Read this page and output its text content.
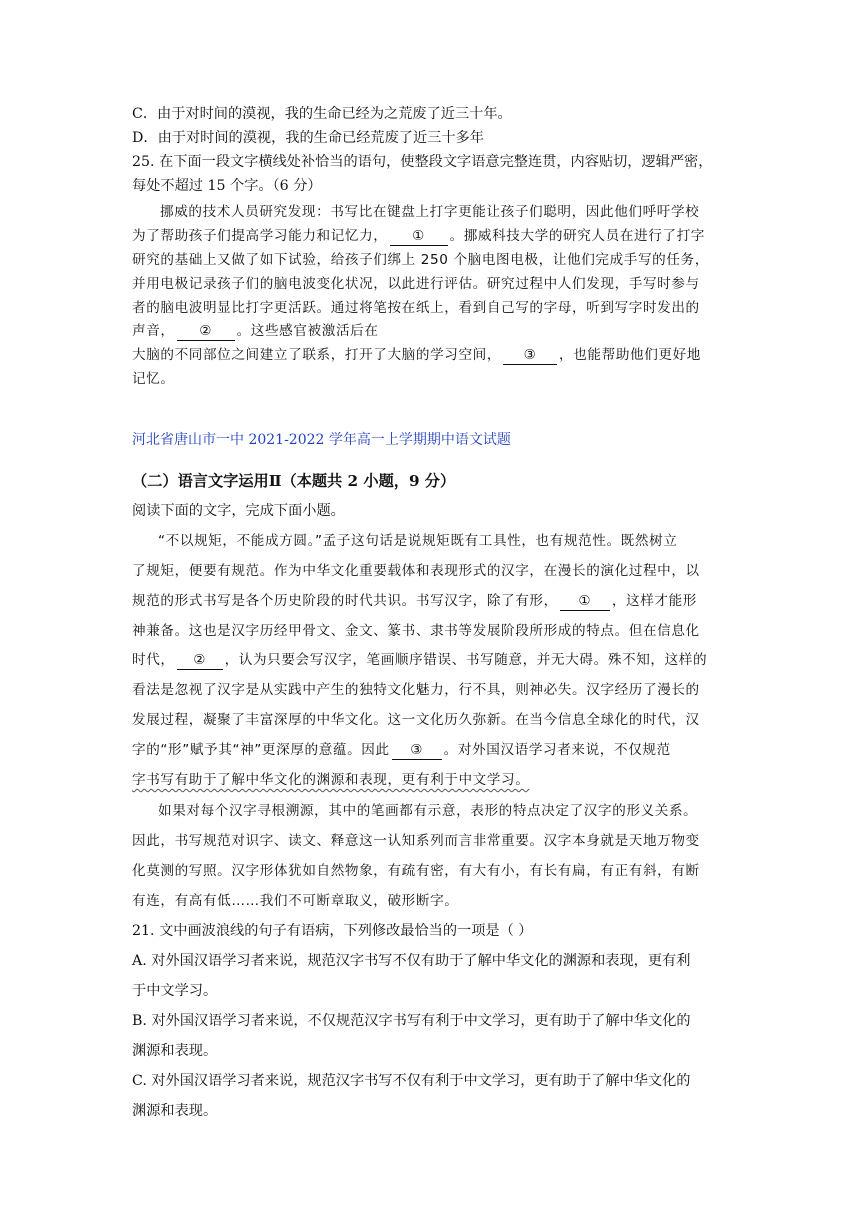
C．由于对时间的漠视，我的生命已经为之荒废了近三十年。
D．由于对时间的漠视，我的生命已经荒废了近三十多年
25. 在下面一段文字横线处补恰当的语句，使整段文字语意完整连贯，内容贴切，逻辑严密，
每处不超过 15 个字。（6 分）
挪威的技术人员研究发现：书写比在键盘上打字更能让孩子们聪明，因此他们呼吁学校
为了帮助孩子们提高学习能力和记忆力， ① 。挪威科技大学的研究人员在进行了打字
研究的基础上又做了如下试验，给孩子们绑上 250 个脑电图电极，让他们完成手写的任务，
并用电极记录孩子们的脑电波变化状况，以此进行评估。研究过程中人们发现，手写时参与
者的脑电波明显比打字更活跃。通过将笔按在纸上，看到自己写的字母，听到写字时发出的
声音， ② 。这些感官被激活后在
大脑的不同部位之间建立了联系，打开了大脑的学习空间， ③ ，也能帮助他们更好地
记忆。
河北省唐山市一中 2021-2022 学年高一上学期期中语文试题
（二）语言文字运用Ⅱ（本题共 2 小题，9 分）
阅读下面的文字，完成下面小题。
“不以规矩，不能成方圆。”孟子这句话是说规矩既有工具性，也有规范性。既然树立
了规矩，便要有规范。作为中华文化重要载体和表现形式的汉字，在漫长的演化过程中，以
规范的形式书写是各个历史阶段的时代共识。书写汉字，除了有形， ① ，这样才能形
神兼备。这也是汉字历经甲骨文、金文、篆书、隶书等发展阶段所形成的特点。但在信息化
时代， ② ，认为只要会写汉字，笔画顺序错误、书写随意，并无大碍。殊不知，这样的
看法是忽视了汉字是从实践中产生的独特文化魅力，行不具，则神必失。汉字经历了漫长的
发展过程，凝聚了丰富深厚的中华文化。这一文化历久弥新。在当今信息全球化的时代，汉
字的“形”赋予其“神”更深厚的意蕴。因此 ③ 。对外国汉语学习者来说，不仅规范
字书写有助于了解中华文化的渊源和表现，更有利于中文学习。
如果对每个汉字寻根溯源，其中的笔画都有示意，表形的特点决定了汉字的形义关系。
因此，书写规范对识字、读文、释意这一认知系列而言非常重要。汉字本身就是天地万物变
化莫测的写照。汉字形体犹如自然物象，有疏有密，有大有小，有长有扁，有正有斜，有断
有连，有高有低……我们不可断章取义，破形断字。
21. 文中画波浪线的句子有语病，下列修改最恰当的一项是（ ）
A. 对外国汉语学习者来说，规范汉字书写不仅有助于了解中华文化的渊源和表现，更有利
于中文学习。
B. 对外国汉语学习者来说，不仅规范汉字书写有利于中文学习，更有助于了解中华文化的
渊源和表现。
C. 对外国汉语学习者来说，规范汉字书写不仅有利于中文学习，更有助于了解中华文化的
渊源和表现。
